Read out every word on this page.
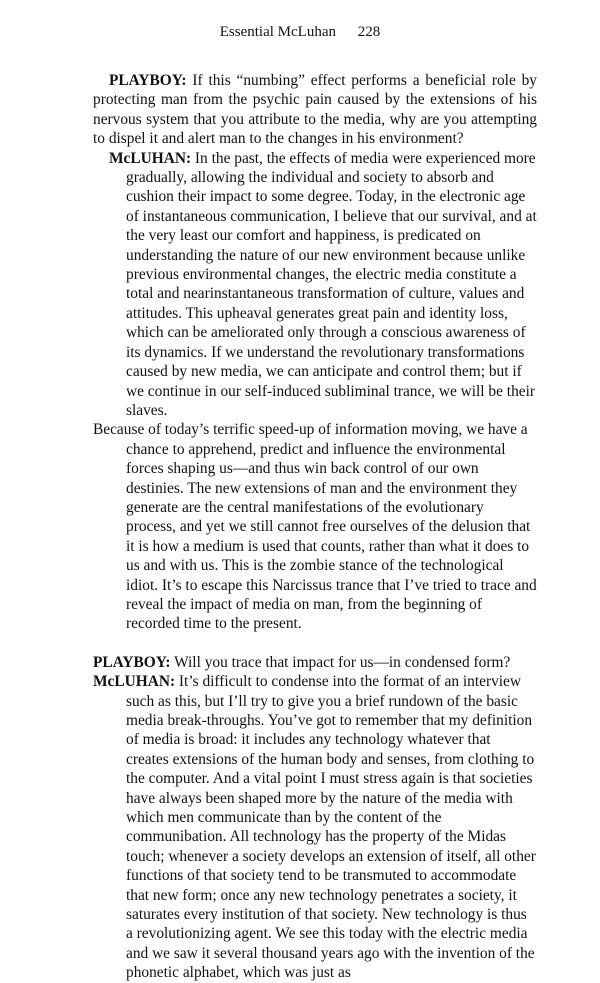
Essential McLuhan 228

PLAYBOY: If this “numbing” effect performs a beneficial role by protecting man from the psychic pain caused by the extensions of his nervous system that you attribute to the media, why are you attempting to dispel it and alert man to the changes in his environment?

McLUHAN: In the past, the effects of media were experienced more gradually, allowing the individual and society to absorb and cushion their impact to some degree. Today, in the electronic age of instantaneous communication, I believe that our survival, and at the very least our comfort and happiness, is predicated on understanding the nature of our new environment because unlike previous environmental changes, the electric media constitute a total and nearinstantaneous transformation of culture, values and attitudes. This upheaval generates great pain and identity loss, which can be ameliorated only through a conscious awareness of its dynamics. If we understand the revolutionary transformations caused by new media, we can anticipate and control them; but if we continue in our self-induced subliminal trance, we will be their slaves.

Because of today’s terrific speed-up of information moving, we have a chance to apprehend, predict and influence the environmental forces shaping us—and thus win back control of our own destinies. The new extensions of man and the environment they generate are the central manifestations of the evolutionary process, and yet we still cannot free ourselves of the delusion that it is how a medium is used that counts, rather than what it does to us and with us. This is the zombie stance of the technological idiot. It’s to escape this Narcissus trance that I’ve tried to trace and reveal the impact of media on man, from the beginning of recorded time to the present.

PLAYBOY: Will you trace that impact for us—in condensed form?

McLUHAN: It’s difficult to condense into the format of an interview such as this, but I’ll try to give you a brief rundown of the basic media break-throughs. You’ve got to remember that my definition of media is broad: it includes any technology whatever that creates extensions of the human body and senses, from clothing to the computer. And a vital point I must stress again is that societies have always been shaped more by the nature of the media with which men communicate than by the content of the communibation. All technology has the property of the Midas touch; whenever a society develops an extension of itself, all other functions of that society tend to be transmuted to accommodate that new form; once any new technology penetrates a society, it saturates every institution of that society. New technology is thus a revolutionizing agent. We see this today with the electric media and we saw it several thousand years ago with the invention of the phonetic alphabet, which was just as
